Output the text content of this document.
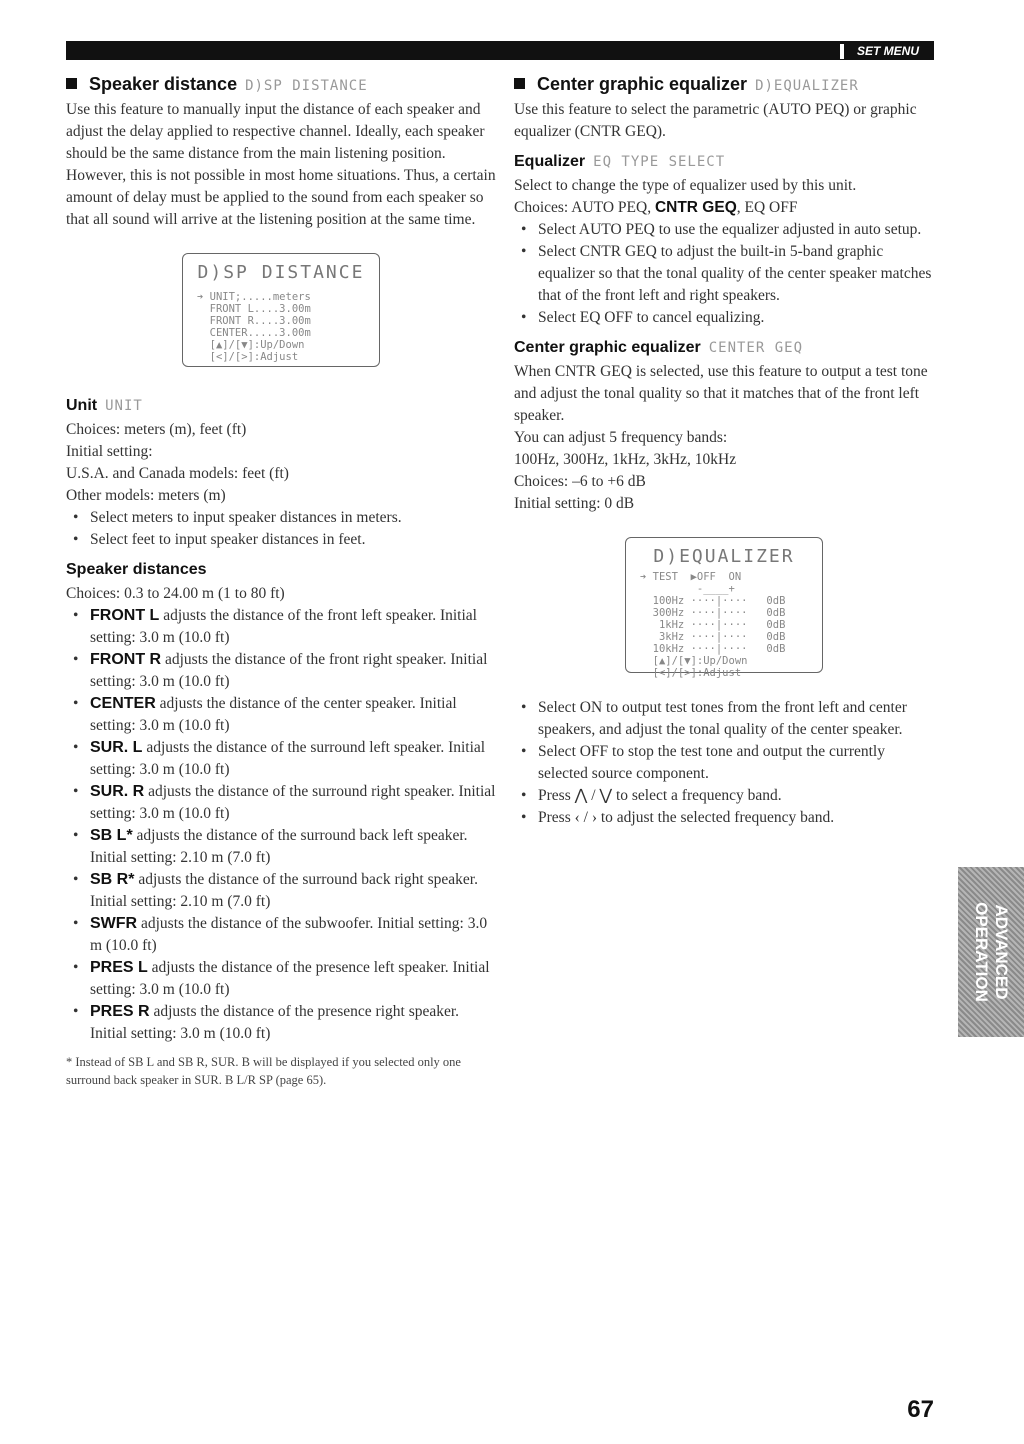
SET MENU
Speaker distance D)SP DISTANCE

Use this feature to manually input the distance of each speaker and adjust the delay applied to respective channel. Ideally, each speaker should be the same distance from the main listening position. However, this is not possible in most home situations. Thus, a certain amount of delay must be applied to the sound from each speaker so that all sound will arrive at the listening position at the same time.

D)SP DISTANCE
➔ UNIT;.....meters
FRONT L....3.00m
FRONT R....3.00m
CENTER.....3.00m
[▲]/[▼]:Up/Down
[<]/[>]:Adjust
Unit UNIT

Choices: meters (m), feet (ft)

Initial setting:

U.S.A. and Canada models: feet (ft)

Other models: meters (m)

• Select meters to input speaker distances in meters.
• Select feet to input speaker distances in feet.
Speaker distances

Choices: 0.3 to 24.00 m (1 to 80 ft)

• FRONT L adjusts the distance of the front left speaker. Initial setting: 3.0 m (10.0 ft)
• FRONT R adjusts the distance of the front right speaker. Initial setting: 3.0 m (10.0 ft)
• CENTER adjusts the distance of the center speaker. Initial setting: 3.0 m (10.0 ft)
• SUR. L adjusts the distance of the surround left speaker. Initial setting: 3.0 m (10.0 ft)
• SUR. R adjusts the distance of the surround right speaker. Initial setting: 3.0 m (10.0 ft)
• SB L* adjusts the distance of the surround back left speaker. Initial setting: 2.10 m (7.0 ft)
• SB R* adjusts the distance of the surround back right speaker. Initial setting: 2.10 m (7.0 ft)
• SWFR adjusts the distance of the subwoofer. Initial setting: 3.0 m (10.0 ft)
• PRES L adjusts the distance of the presence left speaker. Initial setting: 3.0 m (10.0 ft)
• PRES R adjusts the distance of the presence right speaker. Initial setting: 3.0 m (10.0 ft)
* Instead of SB L and SB R, SUR. B will be displayed if you selected only one surround back speaker in SUR. B L/R SP (page 65).
Center graphic equalizer D)EQUALIZER

Use this feature to select the parametric (AUTO PEQ) or graphic equalizer (CNTR GEQ).

Equalizer EQ TYPE SELECT

Select to change the type of equalizer used by this unit.

Choices: AUTO PEQ, CNTR GEQ, EQ OFF

• Select AUTO PEQ to use the equalizer adjusted in auto setup.
• Select CNTR GEQ to adjust the built-in 5-band graphic equalizer so that the tonal quality of the center speaker matches that of the front left and right speakers.
• Select EQ OFF to cancel equalizing.
Center graphic equalizer CENTER GEQ

When CNTR GEQ is selected, use this feature to output a test tone and adjust the tonal quality so that it matches that of the front left speaker.

You can adjust 5 frequency bands:

100Hz, 300Hz, 1kHz, 3kHz, 10kHz

Choices: –6 to +6 dB

Initial setting: 0 dB

D)EQUALIZER
➔ TEST  ▶OFF  ON
-____+
100Hz ····|····   0dB
300Hz ····|····   0dB
1kHz ····|····   0dB
3kHz ····|····   0dB
10kHz ····|····   0dB
[▲]/[▼]:Up/Down
[<]/[>]:Adjust
• Select ON to output test tones from the front left and center speakers, and adjust the tonal quality of the center speaker.
• Select OFF to stop the test tone and output the currently selected source component.
• Press ⋀ / ⋁ to select a frequency band.
• Press ‹ / › to adjust the selected frequency band.
ADVANCED
OPERATION
67
